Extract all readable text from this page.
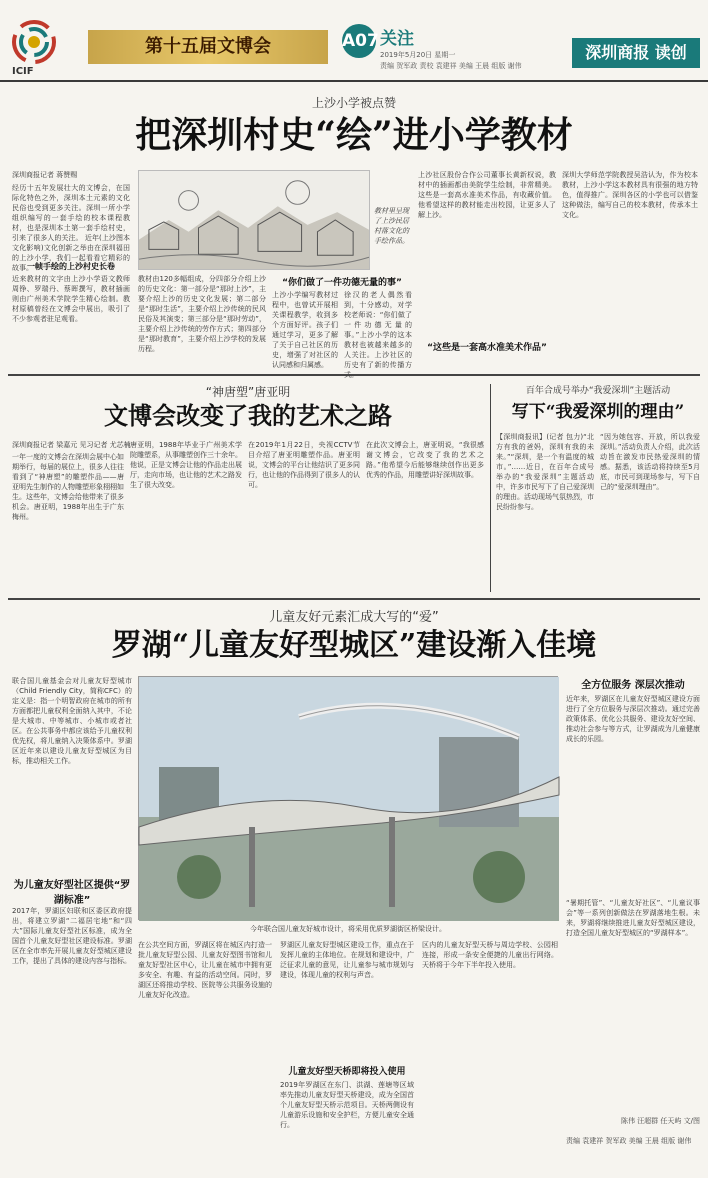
ICIF
第十五届文博会	A07 关注
2019年5月20日 星期一
责编 贺军政 责校 袁建祥 美编 王晨 组版 谢伟
深圳商报 读创
上沙小学被点赞
把深圳村史“绘”进小学教材
深圳商报记者 蒋赞赐
经历十五年发展壮大的文博会，在国际化特色之外，深圳本土元素的文化民俗也受到更多关注。深圳一所小学组织编写的一套手绘的校本课程教材，也是深圳本土第一套手绘村史，引来了很多人的关注。 近年(上沙图本文化影响)文化创新之举由在深圳福田的上沙小学，我们一起看看它精彩的故事。
一帧手绘的上沙村史长卷
近来教材的文字由上沙小学语文教师周铮、罗瑞丹、蔡晖撰写，教材插画则由广州美术学院学生精心绘制。教材原稿曾经在文博会中展出，吸引了不少参观者驻足观看。
教材里呈现了上沙民居村落文化的手绘作品。
教材由120多幅组成，分四部分介绍上沙的历史文化：第一部分是“那时上沙”，主要介绍上沙的历史文化发展；第二部分是“那时生活”，主要介绍上沙传统的民风民俗及其演变；第三部分是“那时劳动”，主要介绍上沙传统的劳作方式；第四部分是“那时教育”，主要介绍上沙学校的发展历程。
“你们做了一件功德无量的事”
上沙小学编写教材过程中，也曾试开展相关课程教学，收到多个方面好评。孩子们通过学习，更多了解了关于自己社区的历史，增强了对社区的认同感和归属感。
徐汉的老人偶然看到，十分感动，对学校老师说：“你们做了一件功德无量的事。”上沙小学的这本教材也被越来越多的人关注。上沙社区的历史有了新的传播方
上沙社区股份合作公司董事长黄新权说，教材中的插画都由美院学生绘制，非常精美。这些是一套高水准美术作品，有收藏价值。他希望这样的教材能走出校园，让更多人了解上沙。
“这些是一套高水准美术作品”
深圳大学师范学院教授吴浩认为，作为校本教材，上沙小学这本教材具有很强的地方特色，值得推广。深圳各区的小学也可以借鉴这种做法，编写自己的校本教材，传承本土文化。
“神唐塑”唐亚明
文博会改变了我的艺术之路
深圳商报记者 梁嘉元 见习记者 尤芯楠
一年一度的文博会在深圳会展中心如期举行，每届的展位上，很多人往往看到了“神唐塑”的雕塑作品——唐亚明先生制作的人物雕塑形象栩栩如生。这些年，文博会给他带来了很多机会。唐亚明，1988年出生于广东梅州。
唐亚明，1988年毕业于广州美术学院雕塑系，从事雕塑创作三十余年。他说，正是文博会让他的作品走出展厅，走向市场，也让他的艺术之路发生了很大改变。
在2019年1月22日，央视CCTV节目介绍了唐亚明雕塑作品。唐亚明说，文博会的平台让他结识了更多同行，也让他的作品得到了很多人的认可。
在此次文博会上，唐亚明说，“我很感谢文博会，它改变了我的艺术之路。”他希望今后能够继续创作出更多优秀的作品，用雕塑讲好深圳故事。
百年合成号举办“我爱深圳”主题活动
写下“我爱深圳的理由”
【深圳商报讯】(记者 包力)“北方有我的爸妈，深圳有我的未来。”“深圳，是一个有温度的城市。”……近日，在百年合成号举办的“我爱深圳”主题活动中，许多市民写下了自己爱深圳的理由。活动现场气氛热烈，市民纷纷参与。
“因为她包容、开放，所以我爱深圳。”活动负责人介绍，此次活动旨在激发市民热爱深圳的情感。据悉，该活动将持续至5月底，市民可到现场参与，写下自己的“爱深圳理由”。
儿童友好元素汇成大写的“爱”
罗湖“儿童友好型城区”建设渐入佳境
联合国儿童基金会对儿童友好型城市（Child Friendly City，简称CFC）的定义是：指一个明智政府在城市的所有方面都把儿童权利全面纳入其中，不论是大城市、中等城市、小城市或者社区。在公共事务中都应该给予儿童权利优先权，将儿童纳入决策体系中。罗湖区近年来以建设儿童友好型城区为目标，推动相关工作。
为儿童友好型社区提供“罗湖标准”
2017年，罗湖区妇联和区委区政府提出，将建立罗湖“二福居宅地”和“四大”国际儿童友好型社区标准，成为全国首个儿童友好型社区建设标准。罗湖区在全市率先开展儿童友好型城区建设工作，提出了具体的建设内容与指标。
今年联合国儿童友好城市设计，将采用优质罗湖街区桥梁设计。
在公共空间方面，罗湖区将在城区内打造一批儿童友好型公园、儿童友好型图书馆和儿童友好型社区中心，让儿童在城市中拥有更多安全、有趣、有益的活动空间。同时，罗湖区还将推动学校、医院等公共服务设施的儿童友好化改造。
罗湖区儿童友好型城区建设工作，重点在于发挥儿童的主体地位。在规划和建设中，广泛征求儿童的意见，让儿童参与城市规划与建设，体现儿童的权利与声音。
儿童友好型天桥即将投入使用
2019年罗湖区在东门、洪湖、莲塘等区域率先推动儿童友好型天桥建设，成为全国首个儿童友好型天桥示范项目。天桥两侧设有儿童游乐设施和安全护栏，方便儿童安全通行。
区内的儿童友好型天桥与周边学校、公园相连接，形成一条安全便捷的儿童出行网络。天桥将于今年下半年投入使用。
全方位服务 深层次推动
近年来，罗湖区在儿童友好型城区建设方面进行了全方位服务与深层次推动。通过完善政策体系、优化公共服务、建设友好空间、推动社会参与等方式，让罗湖成为儿童健康成长的乐园。
“暑期托管”、“儿童友好社区”、“儿童议事会”等一系列创新做法在罗湖落地生根。未来，罗湖将继续推进儿童友好型城区建设，打造全国儿童友好型城区的“罗湖样本”。
陈伟 汪超群 任天屿 文/图
责编 袁建祥 贺军政 美编 王晨 组版 谢伟
